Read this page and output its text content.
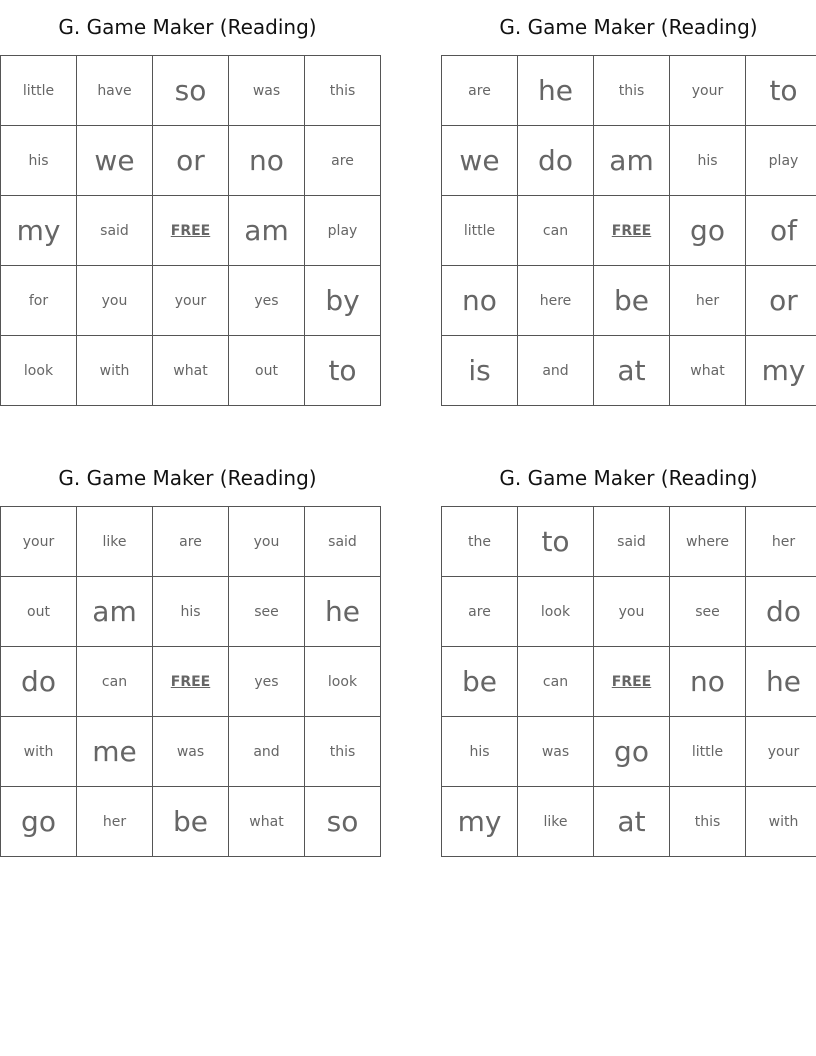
G. Game Maker (Reading)
little	have	so	was	this
his	we	or	no	are
my	said	FREE	am	play
for	you	your	yes	by
look	with	what	out	to
G. Game Maker (Reading)
are	he	this	your	to
we	do	am	his	play
little	can	FREE	go	of
no	here	be	her	or
is	and	at	what	my
G. Game Maker (Reading)
your	like	are	you	said
out	am	his	see	he
do	can	FREE	yes	look
with	me	was	and	this
go	her	be	what	so
G. Game Maker (Reading)
the	to	said	where	her
are	look	you	see	do
be	can	FREE	no	he
his	was	go	little	your
my	like	at	this	with
